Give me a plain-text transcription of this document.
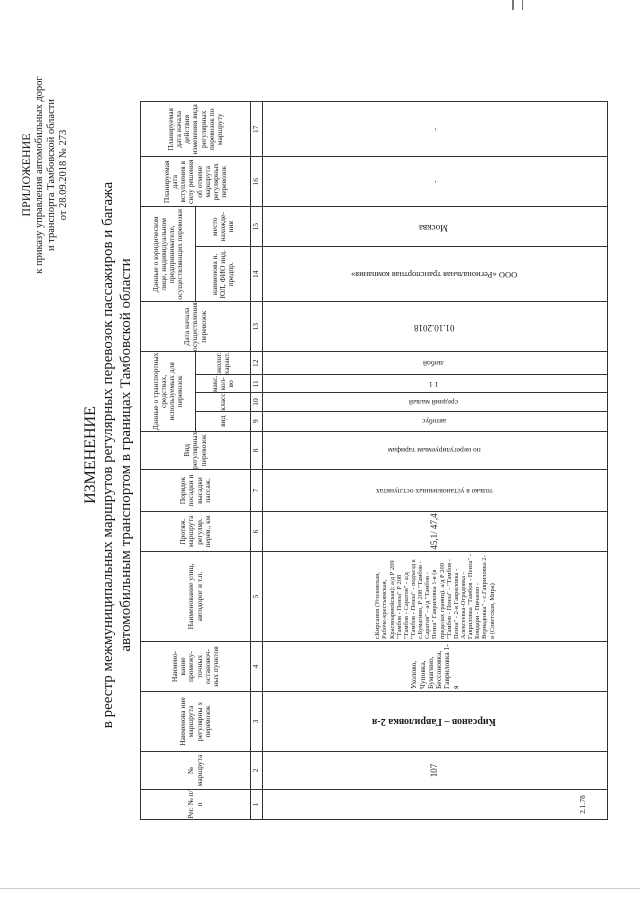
ПРИЛОЖЕНИЕ к приказу управления автомобильных дорог и транспорта Тамбовской области от 28.09.2018 № 273
ИЗМЕНЕНИЕ в реестр межмуниципальных маршрутов регулярных перевозок пассажиров и багажа автомобильным транспортом в границах Тамбовской области
Рег. № п/п	№ маршрута	Наименова ние маршрута регулярны х перевозок	Наимено- вание промежу- точных остановоч- ных пунктов	Наименование улиц, автодорог и т.п.	Протяж. маршрута регуляр. перев., км	Порядок посадки и высадки пассаж.	Вид регулярных перевозок	Данные о транспортных средствах, используемых для перевозок				Дата начала осуществления перевозок	Данные о юридическом лице, индивидуальном предпринимателе, осуществляющих перевозки		Планируемая дата вступления в силу решения об отмене маршрута регулярных перевозок	Планируемая дата начала действия изменения вида регулярных перевозок по маршруту
								вид	класс	макс. кол- во	эколог. характ.		наименова н. ЮЛ, ФИО инд. предпр.	место нахожде- ния		
1	2	3	4	5	6	7	8	9	10	11	12	13	14	15	16	17
2.1.78	107	Кирсанов – Гавриловка 2-я	Ухолово, Чуповка, Бумагино, Бессоновка, Гавриловка 1-я	г.Кирсанов (Уголовская, Рабоче-крестьянская, Красноармейская); а/д Р 209 "Тамбов - Пенза" Р 208 "Тамбов - Саратов" - а/д "Тамбов - Пенза" - подъезд к с.Бумагино, Р 208 "Тамбов - Саратов" - а/д "Тамбов - Пенза" Гавриловка 1-я (в пределах границ). а/д Р 209 "Тамбов - Пенза" - "Тамбов - Пенза" - 2-я Гавриловка - Алексеевка-Отрадовка - Гавриловка "Тамбов - Пенза" - Бондари - Пичаево - Вернадовка" - с.Гавриловка 2-я (Советская, Мира)	45,1/ 47,4	только в установленных ост.пунктах	по нерегулируемым тарифам	автобус	средний малый	1 1	любой	01.10.2018	ООО «Региональная транспортная компания»	Москва	-	-
